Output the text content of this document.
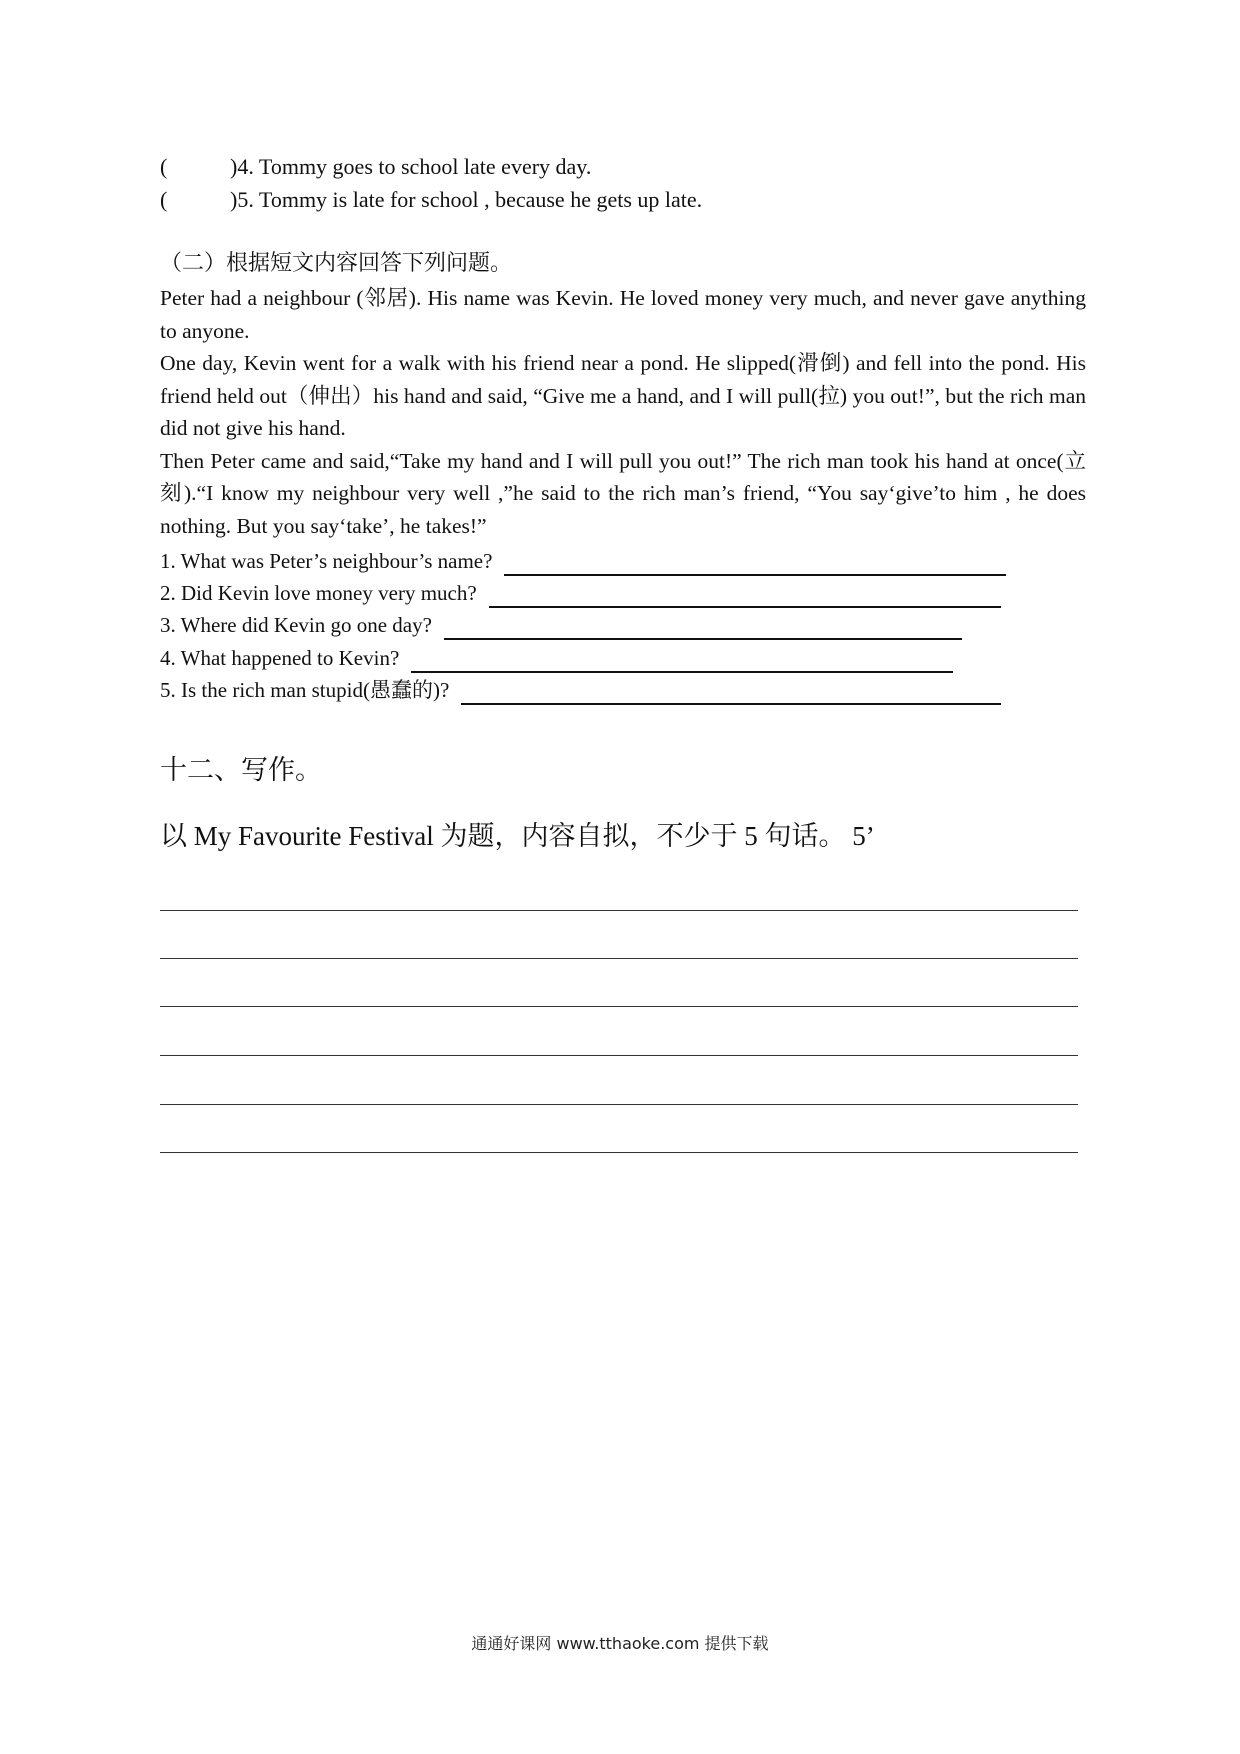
(	)4. Tommy goes to school late every day.
(	)5. Tommy is late for school , because he gets up late.
（二）根据短文内容回答下列问题。

Peter had a neighbour (邻居). His name was Kevin. He loved money very much, and never gave anything to anyone.

One day, Kevin went for a walk with his friend near a pond. He slipped(滑倒) and fell into the pond. His friend held out（伸出）his hand and said, “Give me a hand, and I will pull(拉) you out!”, but the rich man did not give his hand.

Then Peter came and said,“Take my hand and I will pull you out!” The rich man took his hand at once(立刻).“I know my neighbour very well ,”he said to the rich man’s friend, “You say‘give’to him , he does nothing. But you say‘take’, he takes!”

1. What was Peter’s neighbour’s name?
2. Did Kevin love money very much?
3. Where did Kevin go one day?
4. What happened to Kevin?
5. Is the rich man stupid(愚蠢的)?
十二、写作。
以 My Favourite Festival 为题，内容自拟，不少于 5 句话。 5’
通通好课网 www.tthaoke.com 提供下载
